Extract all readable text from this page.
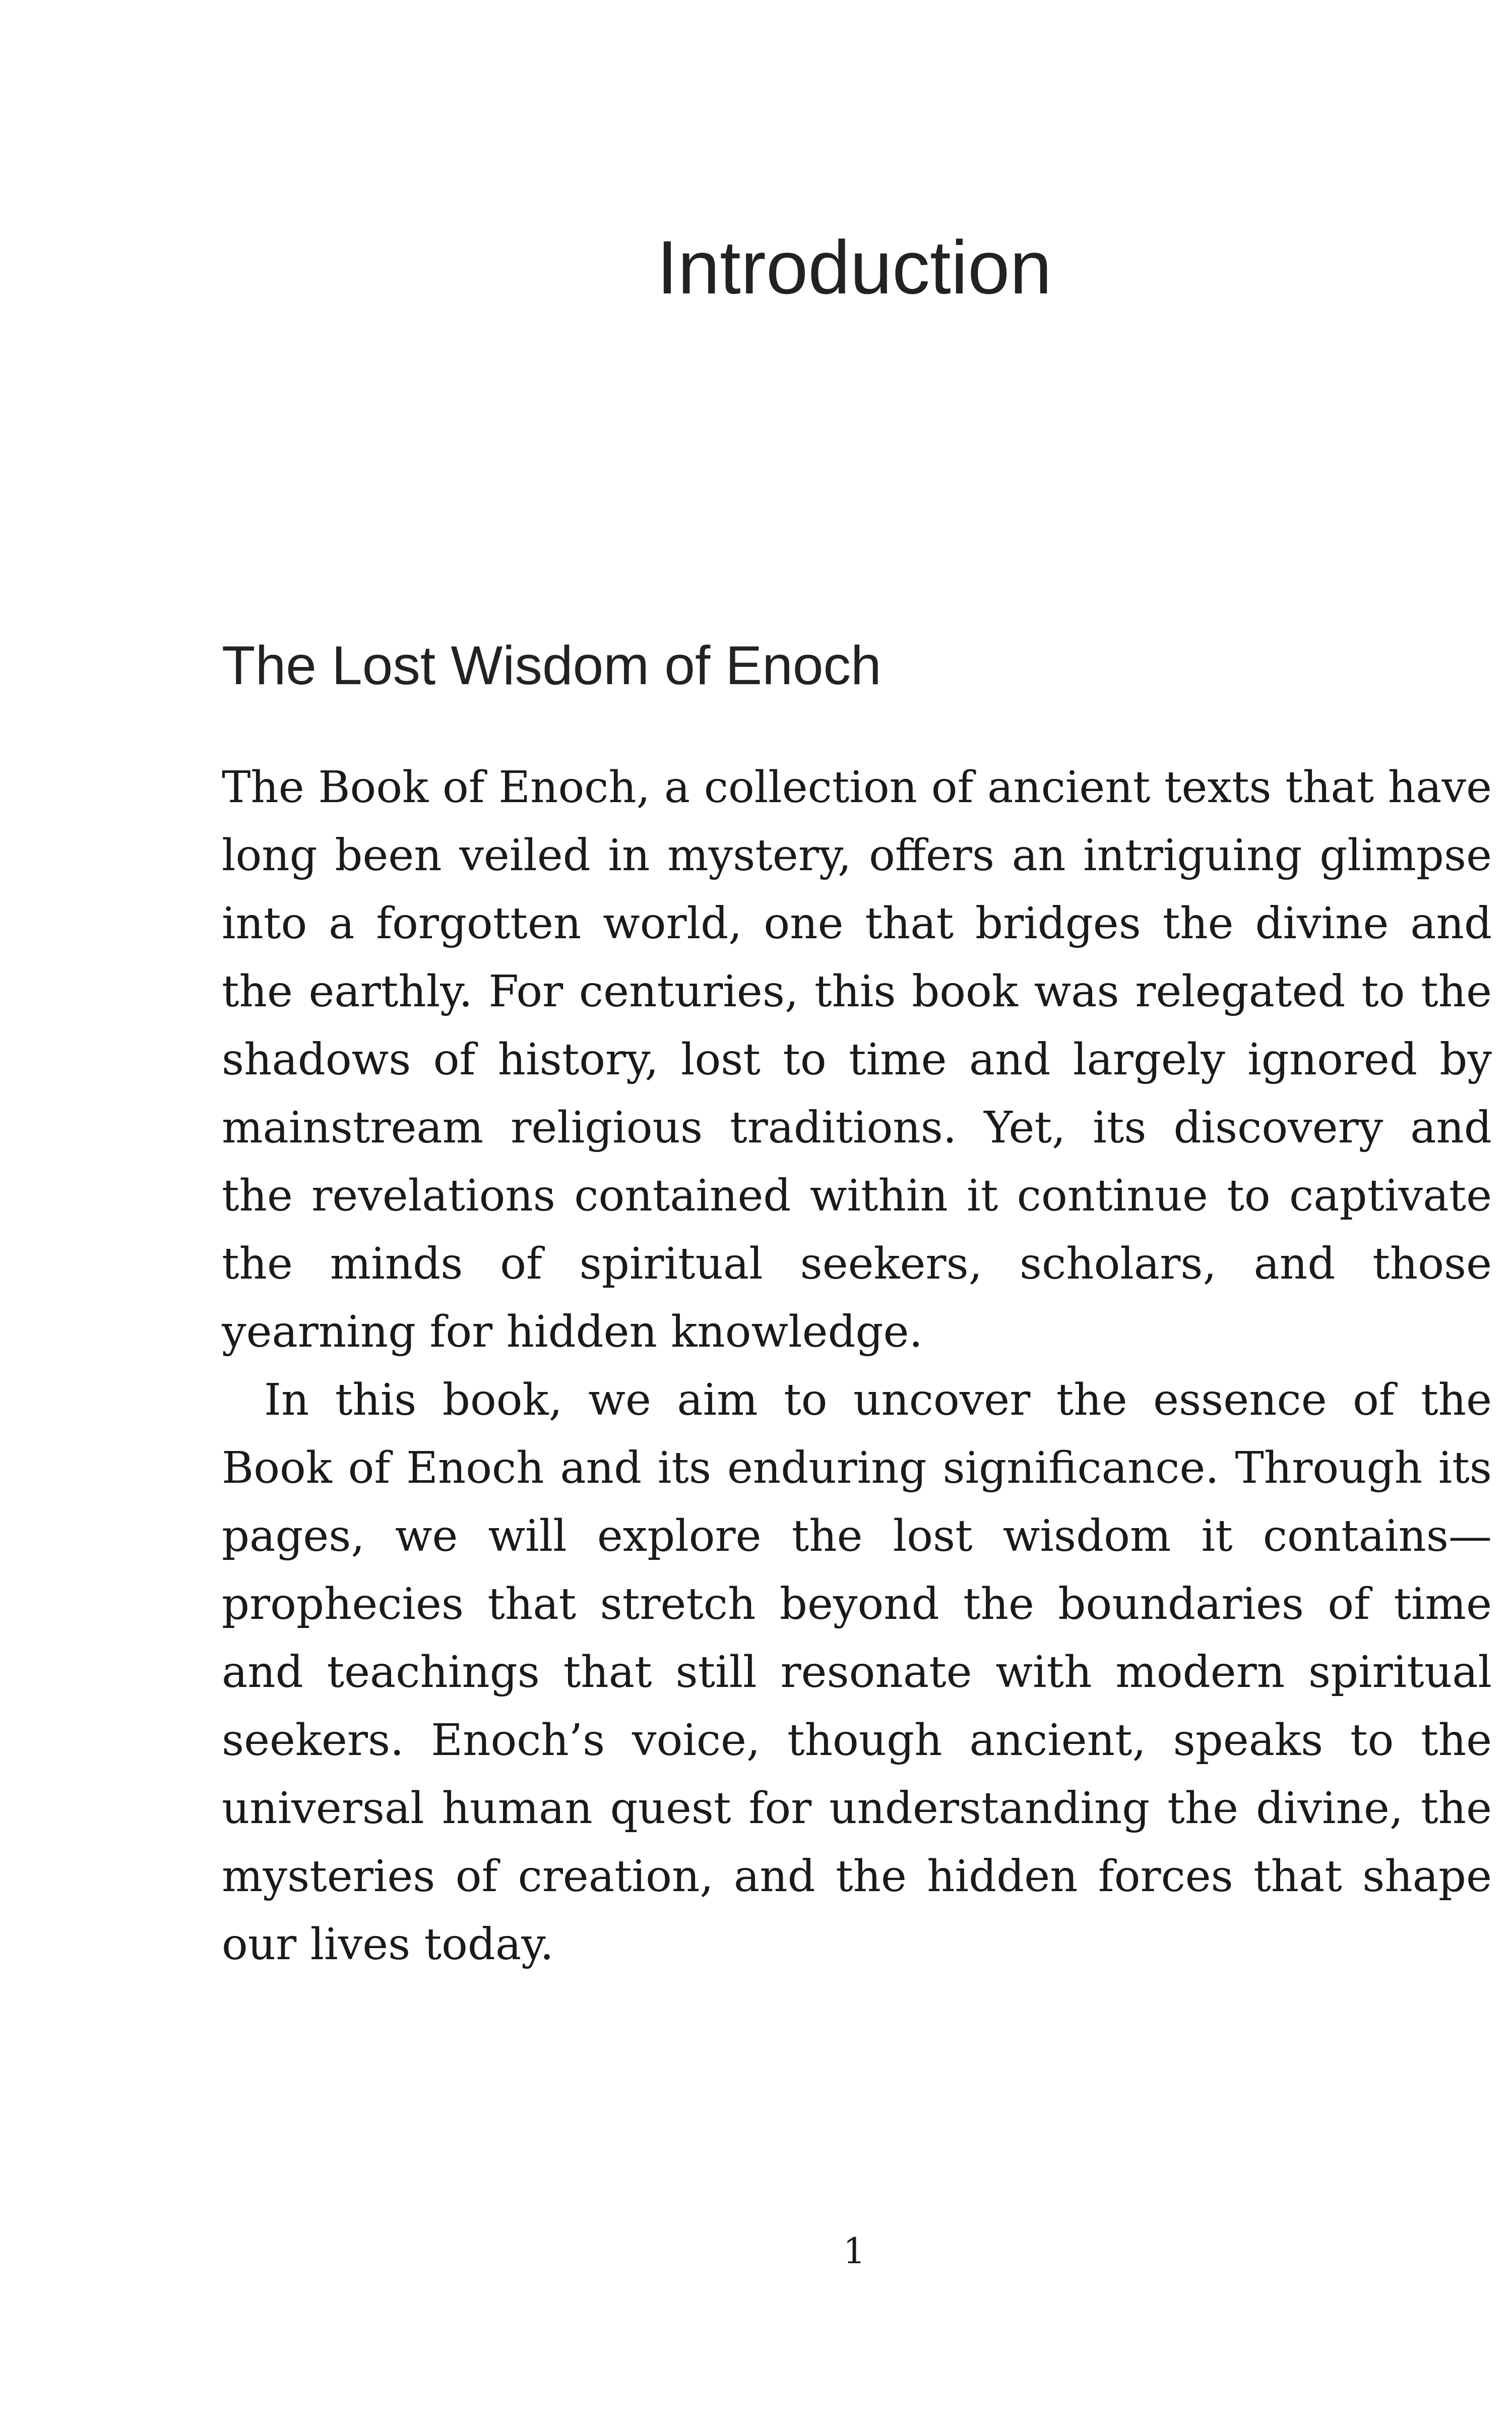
Introduction
The Lost Wisdom of Enoch

The Book of Enoch, a collection of ancient texts that have long been veiled in mystery, offers an intriguing glimpse into a forgotten world, one that bridges the divine and the earthly. For centuries, this book was relegated to the shadows of history, lost to time and largely ignored by mainstream religious traditions. Yet, its discovery and the revelations contained within it continue to captivate the minds of spiritual seekers, scholars, and those yearning for hidden knowledge.

In this book, we aim to uncover the essence of the Book of Enoch and its enduring significance. Through its pages, we will explore the lost wisdom it contains—prophecies that stretch beyond the boundaries of time and teachings that still resonate with modern spiritual seekers. Enoch’s voice, though ancient, speaks to the universal human quest for understanding the divine, the mysteries of creation, and the hidden forces that shape our lives today.

1
